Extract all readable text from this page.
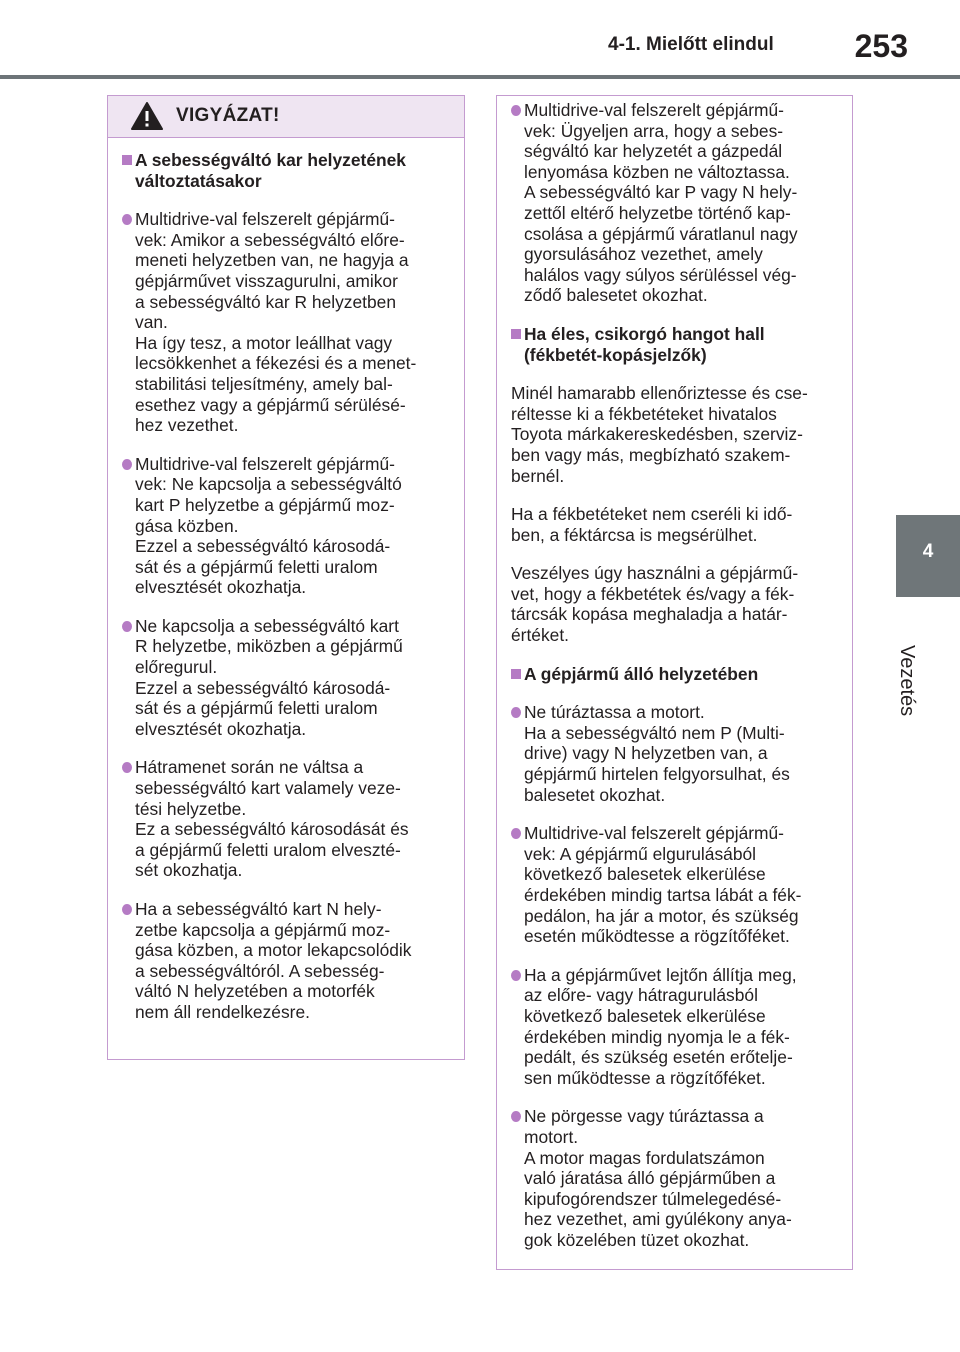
4-1. Mielőtt elindul	253
4
Vezetés
VIGYÁZAT!

A sebességváltó kar helyzetének
változtatásakor

Multidrive-val felszerelt gépjármű-
vek: Amikor a sebességváltó előre-
meneti helyzetben van, ne hagyja a
gépjárművet visszagurulni, amikor
a sebességváltó kar R helyzetben
van.
Ha így tesz, a motor leállhat vagy
lecsökkenhet a fékezési és a menet-
stabilitási teljesítmény, amely bal-
esethez vagy a gépjármű sérülésé-
hez vezethet.

Multidrive-val felszerelt gépjármű-
vek: Ne kapcsolja a sebességváltó
kart P helyzetbe a gépjármű moz-
gása közben.
Ezzel a sebességváltó károsodá-
sát és a gépjármű feletti uralom
elvesztését okozhatja.

Ne kapcsolja a sebességváltó kart
R helyzetbe, miközben a gépjármű
előregurul.
Ezzel a sebességváltó károsodá-
sát és a gépjármű feletti uralom
elvesztését okozhatja.

Hátramenet során ne váltsa a
sebességváltó kart valamely veze-
tési helyzetbe.
Ez a sebességváltó károsodását és
a gépjármű feletti uralom elveszté-
sét okozhatja.

Ha a sebességváltó kart N hely-
zetbe kapcsolja a gépjármű moz-
gása közben, a motor lekapcsolódik
a sebességváltóról. A sebesség-
váltó N helyzetében a motorfék
nem áll rendelkezésre.

Multidrive-val felszerelt gépjármű-
vek: Ügyeljen arra, hogy a sebes-
ségváltó kar helyzetét a gázpedál
lenyomása közben ne változtassa.
A sebességváltó kar P vagy N hely-
zettől eltérő helyzetbe történő kap-
csolása a gépjármű váratlanul nagy
gyorsulásához vezethet, amely
halálos vagy súlyos sérüléssel vég-
ződő balesetet okozhat.

Ha éles, csikorgó hangot hall
(fékbetét-kopásjelzők)

Minél hamarabb ellenőriztesse és cse-
réltesse ki a fékbetéteket hivatalos
Toyota márkakereskedésben, szerviz-
ben vagy más, megbízható szakem-
bernél.

Ha a fékbetéteket nem cseréli ki idő-
ben, a féktárcsa is megsérülhet.

Veszélyes úgy használni a gépjármű-
vet, hogy a fékbetétek és/vagy a fék-
tárcsák kopása meghaladja a határ-
értéket.

A gépjármű álló helyzetében

Ne túráztassa a motort.
Ha a sebességváltó nem P (Multi-
drive) vagy N helyzetben van, a
gépjármű hirtelen felgyorsulhat, és
balesetet okozhat.

Multidrive-val felszerelt gépjármű-
vek: A gépjármű elgurulásából
következő balesetek elkerülése
érdekében mindig tartsa lábát a fék-
pedálon, ha jár a motor, és szükség
esetén működtesse a rögzítőféket.

Ha a gépjárművet lejtőn állítja meg,
az előre- vagy hátragurulásból
következő balesetek elkerülése
érdekében mindig nyomja le a fék-
pedált, és szükség esetén erőtelje-
sen működtesse a rögzítőféket.

Ne pörgesse vagy túráztassa a
motort.
A motor magas fordulatszámon
való járatása álló gépjárműben a
kipufogórendszer túlmelegedésé-
hez vezethet, ami gyúlékony anya-
gok közelében tüzet okozhat.
